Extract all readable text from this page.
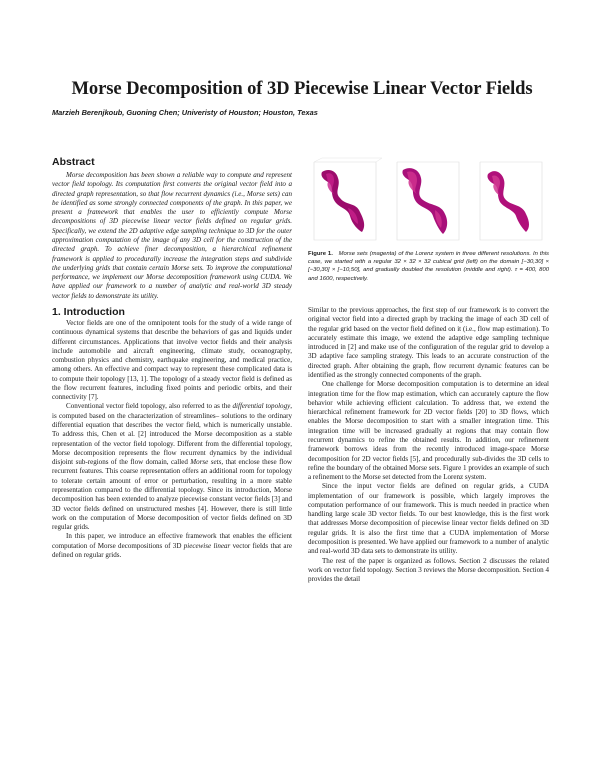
Morse Decomposition of 3D Piecewise Linear Vector Fields
Marzieh Berenjkoub, Guoning Chen; Univeristy of Houston; Houston, Texas
Abstract

Morse decomposition has been shown a reliable way to compute and represent vector field topology. Its computation first converts the original vector field into a directed graph representation, so that flow recurrent dynamics (i.e., Morse sets) can be identified as some strongly connected components of the graph. In this paper, we present a framework that enables the user to efficiently compute Morse decompositions of 3D piecewise linear vector fields defined on regular grids. Specifically, we extend the 2D adaptive edge sampling technique to 3D for the outer approximation computation of the image of any 3D cell for the construction of the directed graph. To achieve finer decomposition, a hierarchical refinement framework is applied to procedurally increase the integration steps and subdivide the underlying grids that contain certain Morse sets. To improve the computational performance, we implement our Morse decomposition framework using CUDA. We have applied our framework to a number of analytic and real-world 3D steady vector fields to demonstrate its utility.

1. Introduction

Vector fields are one of the omnipotent tools for the study of a wide range of continuous dynamical systems that describe the behaviors of gas and liquids under different circumstances. Applications that involve vector fields and their analysis include automobile and aircraft engineering, climate study, oceanography, combustion physics and chemistry, earthquake engineering, and medical practice, among others. An effective and compact way to represent these complicated data is to compute their topology [13, 1]. The topology of a steady vector field is defined as the flow recurrent features, including fixed points and periodic orbits, and their connectivity [7].

Conventional vector field topology, also referred to as the differential topology, is computed based on the characterization of streamlines– solutions to the ordinary differential equation that describes the vector field, which is numerically unstable. To address this, Chen et al. [2] introduced the Morse decomposition as a stable representation of the vector field topology. Different from the differential topology, Morse decomposition represents the flow recurrent dynamics by the individual disjoint sub-regions of the flow domain, called Morse sets, that enclose these flow recurrent features. This coarse representation offers an additional room for topology to tolerate certain amount of error or perturbation, resulting in a more stable representation compared to the differential topology. Since its introduction, Morse decomposition has been extended to analyze piecewise constant vector fields [3] and 3D vector fields defined on unstructured meshes [4]. However, there is still little work on the computation of Morse decomposition of vector fields defined on 3D regular grids.

In this paper, we introduce an effective framework that enables the efficient computation of Morse decompositions of 3D piecewise linear vector fields that are defined on regular grids.

Figure 1. Morse sets (magenta) of the Lorenz system in three different resolutions. In this case, we started with a regular 32 × 32 × 32 cubical grid (left) on the domain [−30,30] × [−30,30] × [−10,50], and gradually doubled the resolution (middle and right). τ = 400, 800 and 1600, respectively.

Similar to the previous approaches, the first step of our framework is to convert the original vector field into a directed graph by tracking the image of each 3D cell of the regular grid based on the vector field defined on it (i.e., flow map estimation). To accurately estimate this image, we extend the adaptive edge sampling technique introduced in [2] and make use of the configuration of the regular grid to develop a 3D adaptive face sampling strategy. This leads to an accurate construction of the directed graph. After obtaining the graph, flow recurrent dynamic features can be identified as the strongly connected components of the graph.

One challenge for Morse decomposition computation is to determine an ideal integration time for the flow map estimation, which can accurately capture the flow behavior while achieving efficient calculation. To address that, we extend the hierarchical refinement framework for 2D vector fields [20] to 3D flows, which enables the Morse decomposition to start with a smaller integration time. This integration time will be increased gradually at regions that may contain flow recurrent dynamics to refine the obtained results. In addition, our refinement framework borrows ideas from the recently introduced image-space Morse decomposition for 2D vector fields [5], and procedurally sub-divides the 3D cells to refine the boundary of the obtained Morse sets. Figure 1 provides an example of such a refinement to the Morse set detected from the Lorenz system.

Since the input vector fields are defined on regular grids, a CUDA implementation of our framework is possible, which largely improves the computation performance of our framework. This is much needed in practice when handling large scale 3D vector fields. To our best knowledge, this is the first work that addresses Morse decomposition of piecewise linear vector fields defined on 3D regular grids. It is also the first time that a CUDA implementation of Morse decomposition is presented. We have applied our framework to a number of analytic and real-world 3D data sets to demonstrate its utility.

The rest of the paper is organized as follows. Section 2 discusses the related work on vector field topology. Section 3 reviews the Morse decomposition. Section 4 provides the detail
